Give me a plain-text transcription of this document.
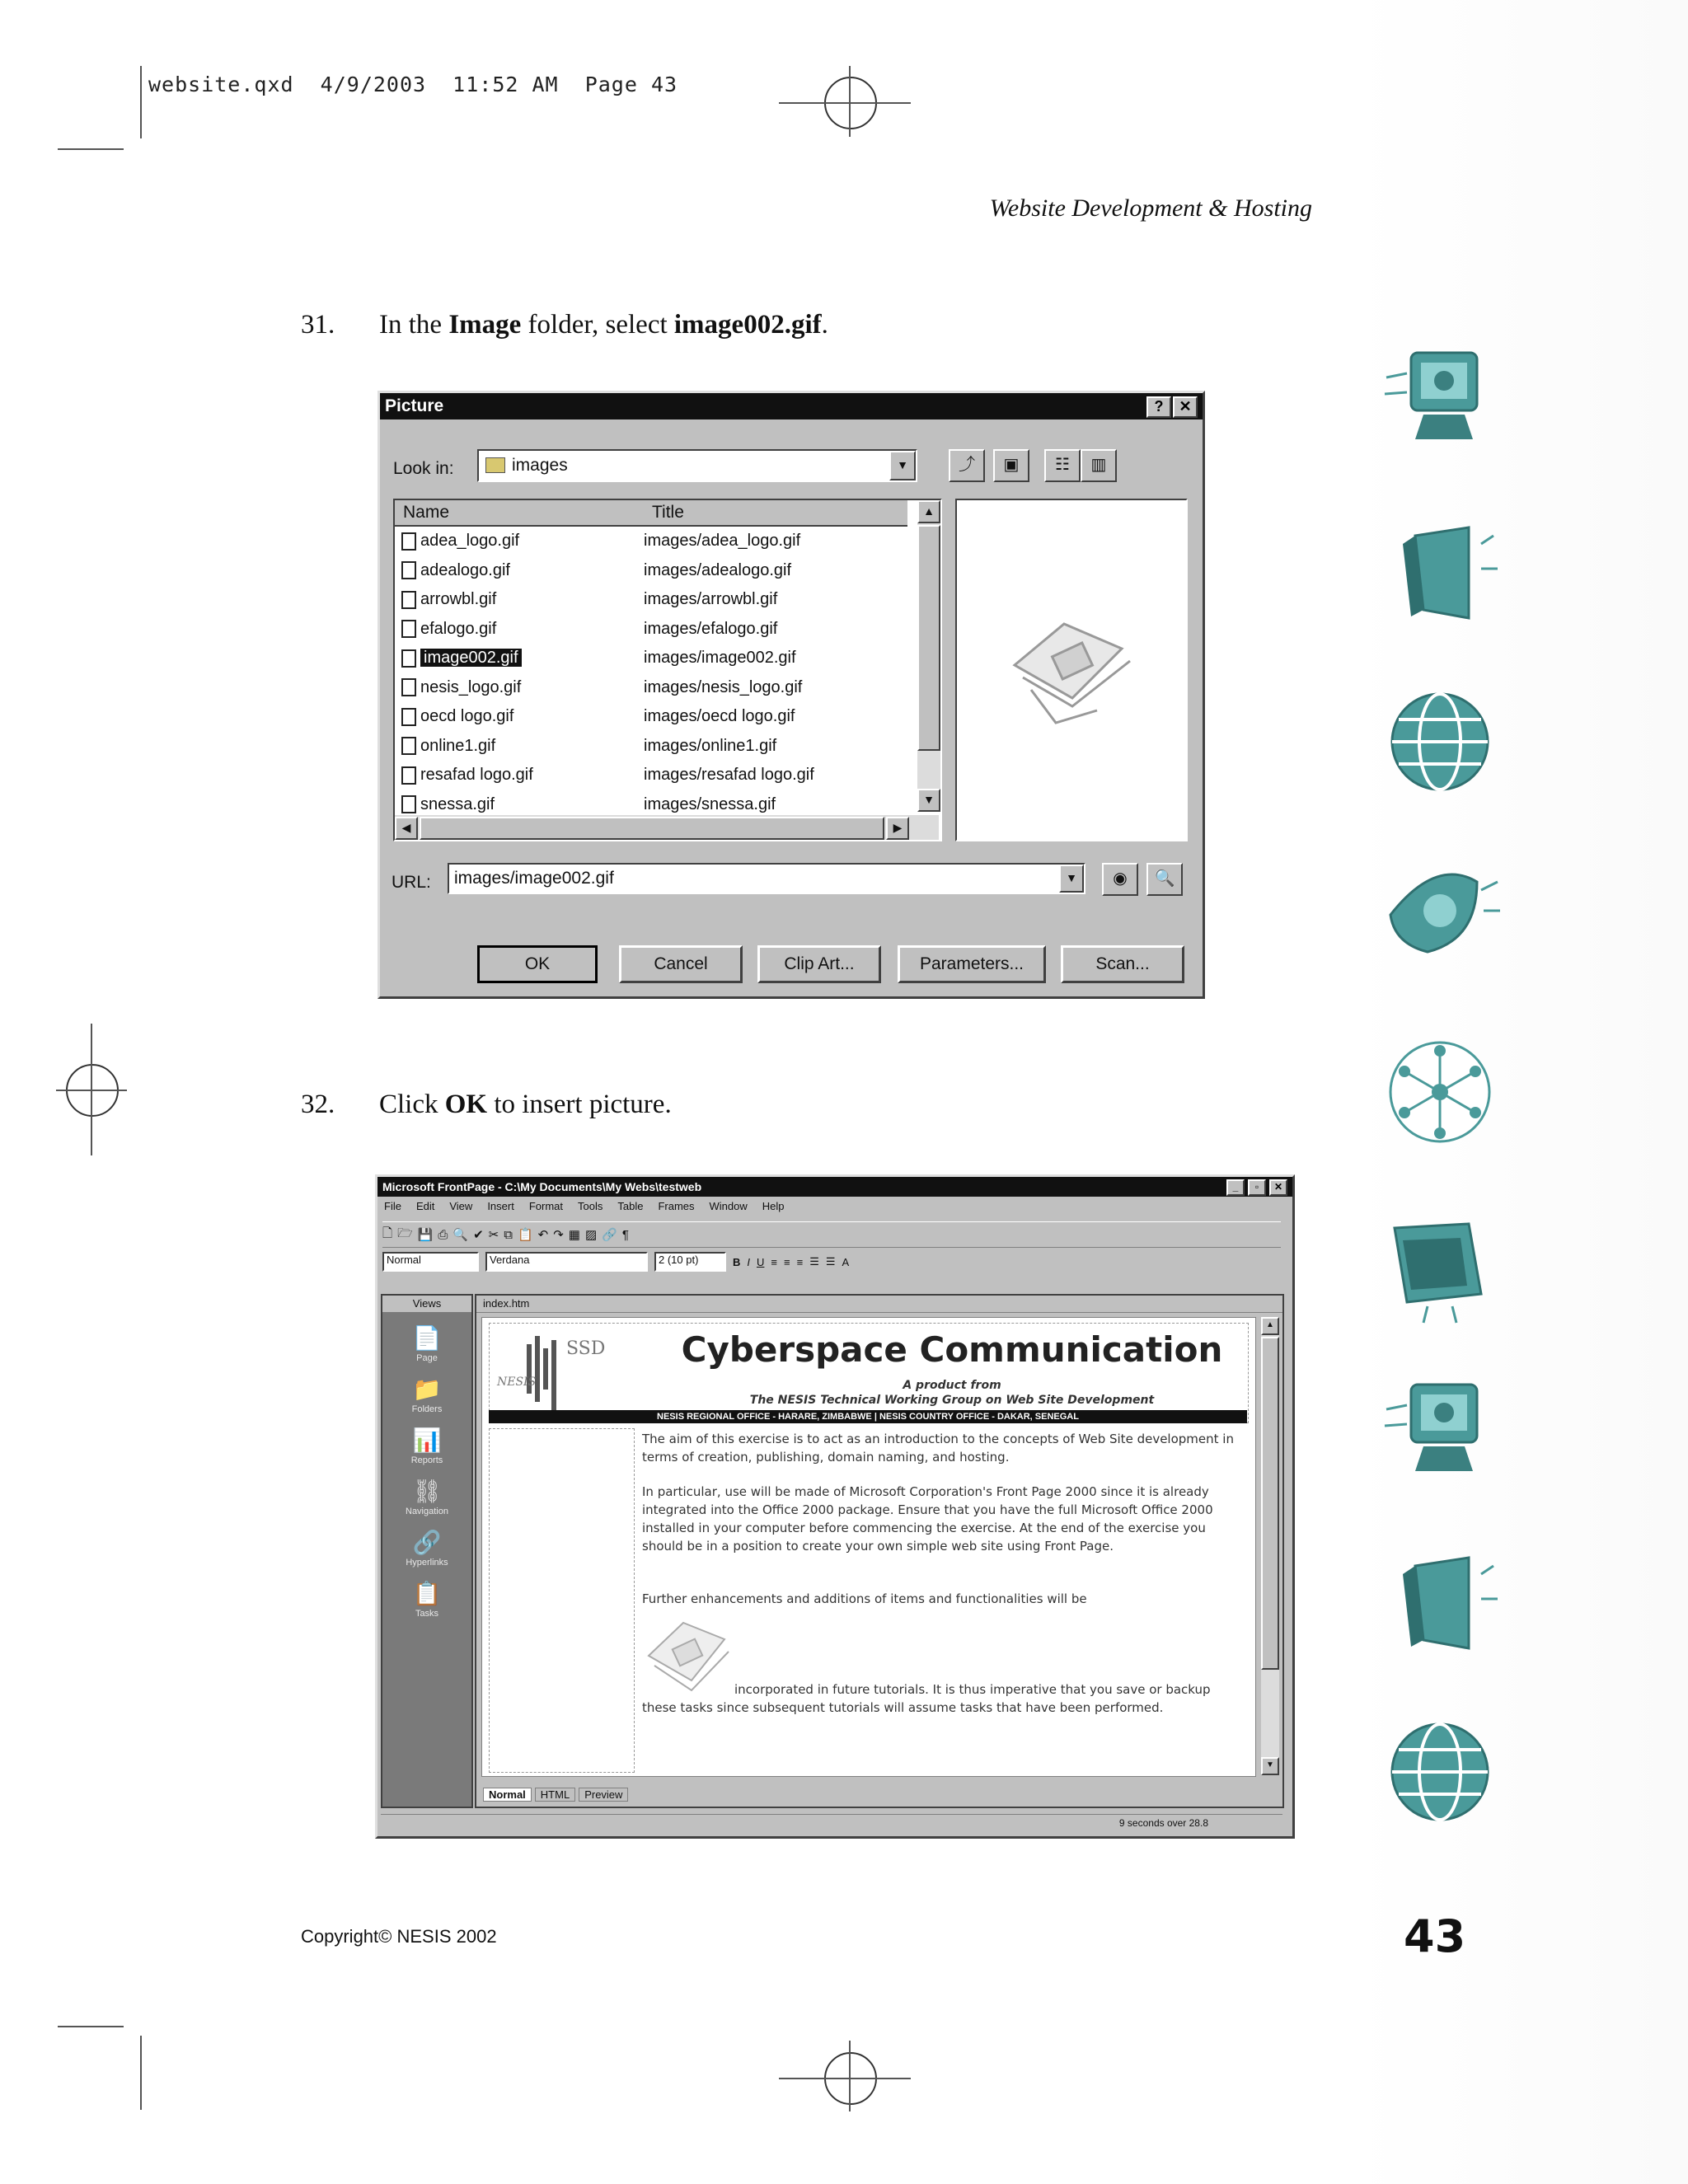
website.qxd  4/9/2003  11:52 AM  Page 43
Website Development & Hosting
31. In the Image folder, select image002.gif.
Picture	?	✕
Look in:	images	▼	⤴	▣	☷	▥
Name	Title
adea_logo.gif	images/adea_logo.gif
adealogo.gif	images/adealogo.gif
arrowbl.gif	images/arrowbl.gif
efalogo.gif	images/efalogo.gif
image002.gif	images/image002.gif
nesis_logo.gif	images/nesis_logo.gif
oecd logo.gif	images/oecd logo.gif
online1.gif	images/online1.gif
resafad logo.gif	images/resafad logo.gif
snessa.gif	images/snessa.gif
▲
▼
◀	▶
URL: images/image002.gif	▼	◉	🔍
OK	Cancel	Clip Art...	Parameters...	Scan...
32. Click OK to insert picture.
Microsoft FrontPage - C:\My Documents\My Webs\testweb	_	▫	✕
File Edit View Insert Format Tools Table Frames Window Help
🗋 🗁 💾 ⎙ 🔍 ✔ ✂ ⧉ 📋 ↶ ↷ ▦ ▨ 🔗 ¶
Normal	Verdana	2 (10 pt)	B I U ≡ ≡ ≡ ☰ ☰ A
Views
📄
Page
📁
Folders
📊
Reports
⛓
Navigation
🔗
Hyperlinks
📋
Tasks
index.htm
SSD
NESIS
Cyberspace Communication
A product from
The NESIS Technical Working Group on Web Site Development
NESIS REGIONAL OFFICE - HARARE, ZIMBABWE | NESIS COUNTRY OFFICE - DAKAR, SENEGAL
The aim of this exercise is to act as an introduction to the concepts of Web Site development in terms of creation, publishing, domain naming, and hosting.
In particular, use will be made of Microsoft Corporation's Front Page 2000 since it is already integrated into the Office 2000 package. Ensure that you have the full Microsoft Office 2000 installed in your computer before commencing the exercise. At the end of the exercise you should be in a position to create your own simple web site using Front Page.
Further enhancements and additions of items and functionalities will be
incorporated in future tutorials. It is thus imperative that you save or backup these tasks since subsequent tutorials will assume tasks that have been performed.
▲
▼
Normal	HTML	Preview
9 seconds over 28.8
Copyright© NESIS 2002	43
